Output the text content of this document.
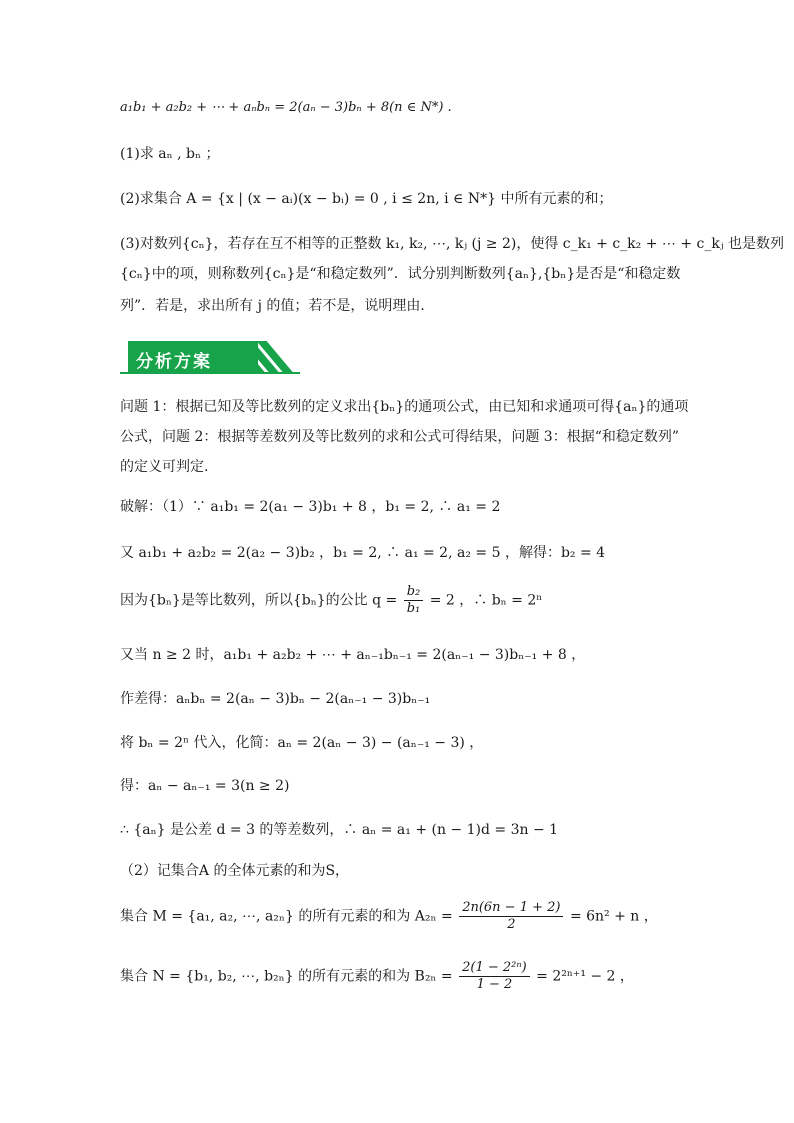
a₁b₁ + a₂b₂ + ⋯ + aₙbₙ = 2(aₙ − 3)bₙ + 8(n ∈ N*) .
(1)求 aₙ , bₙ ；
(2)求集合 A = {x | (x − aᵢ)(x − bᵢ) = 0 , i ≤ 2n, i ∈ N*} 中所有元素的和；
(3)对数列{cₙ}，若存在互不相等的正整数 k₁, k₂, ⋯, kⱼ (j ≥ 2)，使得 c_k₁ + c_k₂ + ⋯ + c_kⱼ 也是数列
{cₙ}中的项，则称数列{cₙ}是“和稳定数列”．试分别判断数列{aₙ},{bₙ}是否是“和稳定数
列”．若是，求出所有 j 的值；若不是，说明理由．
分析方案
问题 1：根据已知及等比数列的定义求出{bₙ}的通项公式，由已知和求通项可得{aₙ}的通项
公式，问题 2：根据等差数列及等比数列的求和公式可得结果，问题 3：根据“和稳定数列”
的定义可判定.
破解：（1）∵ a₁b₁ = 2(a₁ − 3)b₁ + 8 ，b₁ = 2, ∴ a₁ = 2
又 a₁b₁ + a₂b₂ = 2(a₂ − 3)b₂ ，b₁ = 2, ∴ a₁ = 2, a₂ = 5 ，解得：b₂ = 4
因为{bₙ}是等比数列，所以{bₙ}的公比 $q = \frac{\text{b₂}}{\text{b₁}} = 2$ ，∴ bₙ = 2ⁿ
又当 n ≥ 2 时，a₁b₁ + a₂b₂ + ⋯ + aₙ₋₁bₙ₋₁ = 2(aₙ₋₁ − 3)bₙ₋₁ + 8 ，
作差得：aₙbₙ = 2(aₙ − 3)bₙ − 2(aₙ₋₁ − 3)bₙ₋₁
将 bₙ = 2ⁿ 代入，化简：aₙ = 2(aₙ − 3) − (aₙ₋₁ − 3) ，
得：aₙ − aₙ₋₁ = 3(n ≥ 2)
∴ {aₙ} 是公差 d = 3 的等差数列，∴ aₙ = a₁ + (n − 1)d = 3n − 1
（2）记集合A 的全体元素的和为S，
集合 M = {a₁, a₂, ⋯, a₂ₙ} 的所有元素的和为 $A_{2n} = \frac{2n(6n - 1 + 2)}{2} = 6n^2 + n$ ，
集合 N = {b₁, b₂, ⋯, b₂ₙ} 的所有元素的和为 $B_{2n} = \frac{\text{2(1 − 2²ⁿ)}}{1 - 2} = 2^{2n+1} - 2$ ，
